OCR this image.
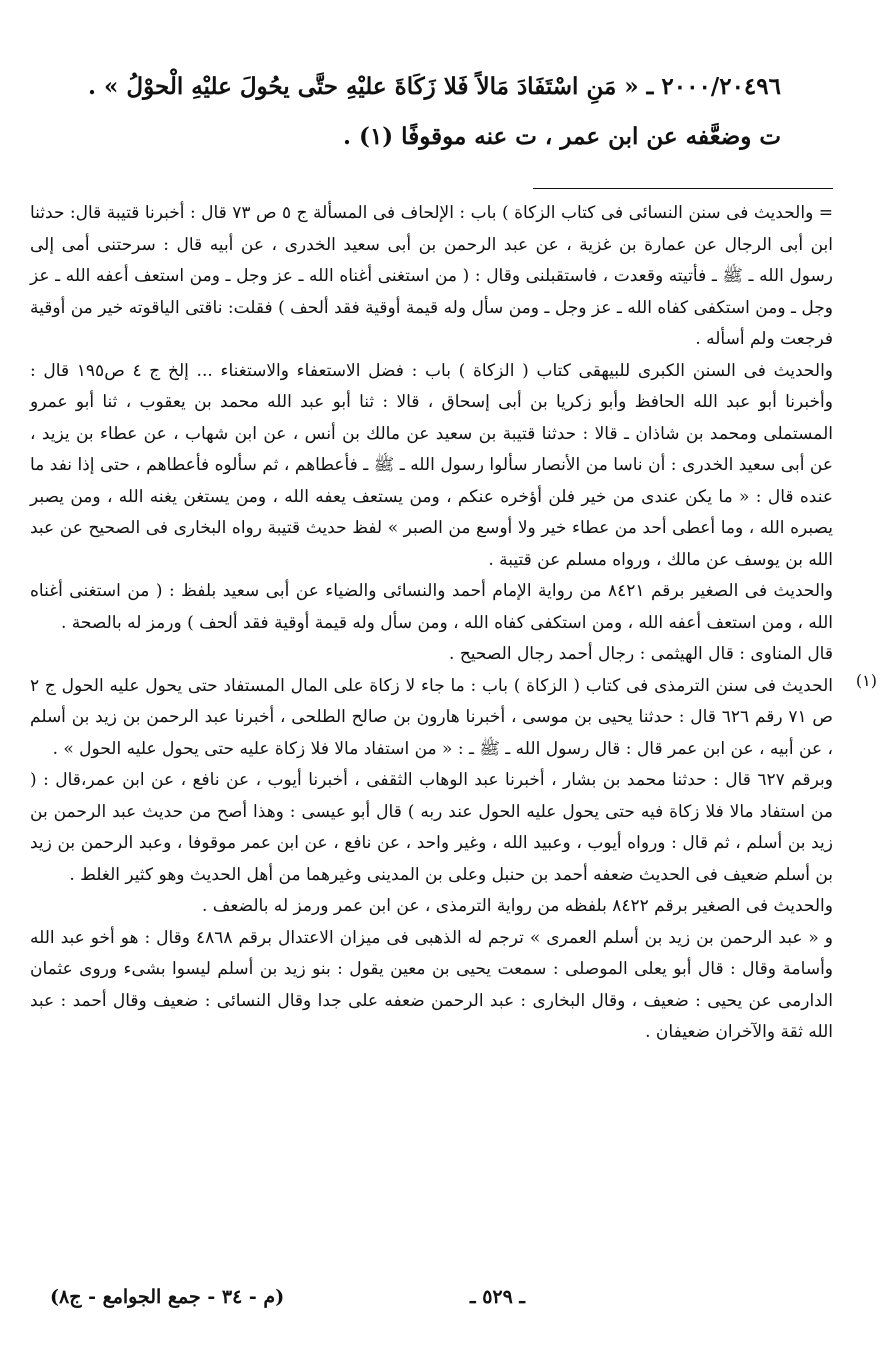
٢٠٠٠/٢٠٤٩٦ ـ « مَنِ اسْتَفَادَ مَالاً فَلا زَكَاةَ عليْهِ حتَّى يحُولَ عليْهِ الْحوْلُ » .
ت وضعَّفه عن ابن عمر ، ت عنه موقوفًا (١) .

= والحديث فى سنن النسائى فى كتاب الزكاة ) باب : الإلحاف فى المسألة ج ٥ ص ٧٣ قال : أخبرنا قتيبة قال: حدثنا ابن أبى الرجال عن عمارة بن غزية ، عن عبد الرحمن بن أبى سعيد الخدرى ، عن أبيه قال : سرحتنى أمى إلى رسول الله ـ ﷺ ـ فأتيته وقعدت ، فاستقبلنى وقال : ( من استغنى أغناه الله ـ عز وجل ـ ومن استعف أعفه الله ـ عز وجل ـ ومن استكفى كفاه الله ـ عز وجل ـ ومن سأل وله قيمة أوقية فقد ألحف ) فقلت: ناقتى الياقوته خير من أوقية فرجعت ولم أسأله .

والحديث فى السنن الكبرى للبيهقى كتاب ( الزكاة ) باب : فضل الاستعفاء والاستغناء ... إلخ ج ٤ ص١٩٥ قال : وأخبرنا أبو عبد الله الحافظ وأبو زكريا بن أبى إسحاق ، قالا : ثنا أبو عبد الله محمد بن يعقوب ، ثنا أبو عمرو المستملى ومحمد بن شاذان ـ قالا : حدثنا قتيبة بن سعيد عن مالك بن أنس ، عن ابن شهاب ، عن عطاء بن يزيد ، عن أبى سعيد الخدرى : أن ناسا من الأنصار سألوا رسول الله ـ ﷺ ـ فأعطاهم ، ثم سألوه فأعطاهم ، حتى إذا نفد ما عنده قال : « ما يكن عندى من خير فلن أؤخره عنكم ، ومن يستعف يعفه الله ، ومن يستغن يغنه الله ، ومن يصبر يصبره الله ، وما أعطى أحد من عطاء خير ولا أوسع من الصبر » لفظ حديث قتيبة رواه البخارى فى الصحيح عن عبد الله بن يوسف عن مالك ، ورواه مسلم عن قتيبة .

والحديث فى الصغير برقم ٨٤٢١ من رواية الإمام أحمد والنسائى والضياء عن أبى سعيد بلفظ : ( من استغنى أغناه الله ، ومن استعف أعفه الله ، ومن استكفى كفاه الله ، ومن سأل وله قيمة أوقية فقد ألحف ) ورمز له بالصحة .

قال المناوى : قال الهيثمى : رجال أحمد رجال الصحيح .

(١)

الحديث فى سنن الترمذى فى كتاب ( الزكاة ) باب : ما جاء لا زكاة على المال المستفاد حتى يحول عليه الحول ج ٢ ص ٧١ رقم ٦٢٦ قال : حدثنا يحيى بن موسى ، أخبرنا هارون بن صالح الطلحى ، أخبرنا عبد الرحمن بن زيد بن أسلم ، عن أبيه ، عن ابن عمر قال : قال رسول الله ـ ﷺ ـ : « من استفاد مالا فلا زكاة عليه حتى يحول عليه الحول » .

وبرقم ٦٢٧ قال : حدثنا محمد بن بشار ، أخبرنا عبد الوهاب الثقفى ، أخبرنا أيوب ، عن نافع ، عن ابن عمر،قال : ( من استفاد مالا فلا زكاة فيه حتى يحول عليه الحول عند ربه ) قال أبو عيسى : وهذا أصح من حديث عبد الرحمن بن زيد بن أسلم ، ثم قال : ورواه أيوب ، وعبيد الله ، وغير واحد ، عن نافع ، عن ابن عمر موقوفا ، وعبد الرحمن بن زيد بن أسلم ضعيف فى الحديث ضعفه أحمد بن حنبل وعلى بن المدينى وغيرهما من أهل الحديث وهو كثير الغلط .

والحديث فى الصغير برقم ٨٤٢٢ بلفظه من رواية الترمذى ، عن ابن عمر ورمز له بالضعف .

و « عبد الرحمن بن زيد بن أسلم العمرى » ترجم له الذهبى فى ميزان الاعتدال برقم ٤٨٦٨ وقال : هو أخو عبد الله وأسامة وقال : قال أبو يعلى الموصلى : سمعت يحيى بن معين يقول : بنو زيد بن أسلم ليسوا بشىء وروى عثمان الدارمى عن يحيى : ضعيف ، وقال البخارى : عبد الرحمن ضعفه على جدا وقال النسائى : ضعيف وقال أحمد : عبد الله ثقة والآخران ضعيفان .

ـ ٥٢٩ ـ
(م - ٣٤ - جمع الجوامع - ج٨)
